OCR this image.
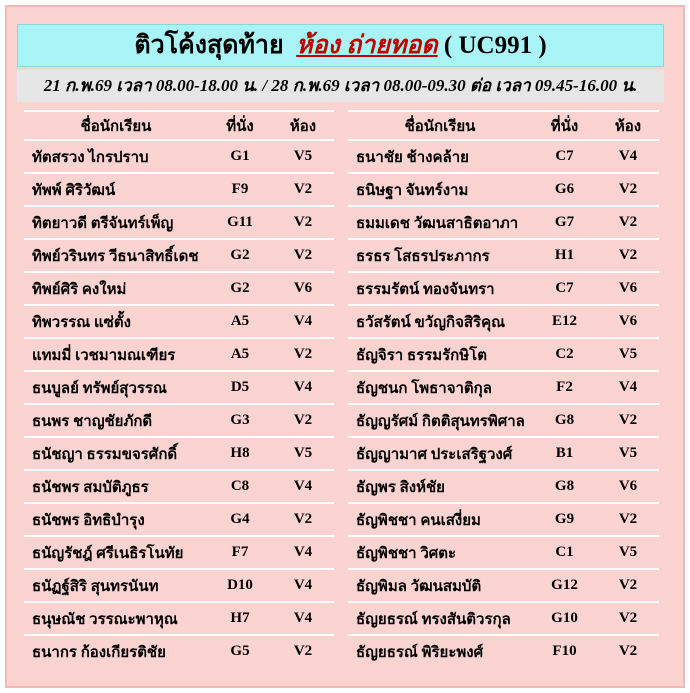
ติวโค้งสุดท้าย ห้อง ถ่ายทอด ( UC991 )
21 ก.พ.69 เวลา 08.00-18.00 น. / 28 ก.พ.69 เวลา 08.00-09.30 ต่อ เวลา 09.45-16.00 น.
ชื่อนักเรียน	ที่นั่ง	ห้อง
ทัตสรวง ไกรปราบ	G1	V5
ทัพพ์ ศิริวัฒน์	F9	V2
ทิตยาวดี ตรีจันทร์เพ็ญ	G11	V2
ทิพย์วรินทร วีธนาสิทธิ์เดช	G2	V2
ทิพย์ศิริ คงใหม่	G2	V6
ทิพวรรณ แซ่ตั้ง	A5	V4
แทมมี่ เวชมามณเฑียร	A5	V2
ธนบูลย์ ทรัพย์สุวรรณ	D5	V4
ธนพร ชาญชัยภักดี	G3	V2
ธนัชญา ธรรมขจรศักดิ์	H8	V5
ธนัชพร สมบัติภูธร	C8	V4
ธนัชพร อิทธิบำรุง	G4	V2
ธนัญรัชฎ์ ศรีเนธิรโนทัย	F7	V4
ธนัฏฐ์สิริ สุนทรนันท	D10	V4
ธนุษณัช วรรณะพาหุณ	H7	V4
ธนากร ก้องเกียรติชัย	G5	V2
ชื่อนักเรียน	ที่นั่ง	ห้อง
ธนาชัย ช้างคล้าย	C7	V4
ธนิษฐา จันทร์งาม	G6	V2
ธมมเดช วัฒนสาธิตอาภา	G7	V2
ธรธร โสธรประภากร	H1	V2
ธรรมรัตน์ ทองจันทรา	C7	V6
ธวัสรัตน์ ขวัญกิจสิริคุณ	E12	V6
ธัญจิรา ธรรมรักษิโต	C2	V5
ธัญชนก โพธาจาติกุล	F2	V4
ธัญญรัศม์ กิตติสุนทรพิศาล	G8	V2
ธัญญามาศ ประเสริฐวงศ์	B1	V5
ธัญพร สิงห์ชัย	G8	V6
ธัญพิชชา คนเสงี่ยม	G9	V2
ธัญพิชชา วิศตะ	C1	V5
ธัญพิมล วัฒนสมบัติ	G12	V2
ธัญยธรณ์ ทรงสันติวรกุล	G10	V2
ธัญยธรณ์ พิริยะพงศ์	F10	V2
